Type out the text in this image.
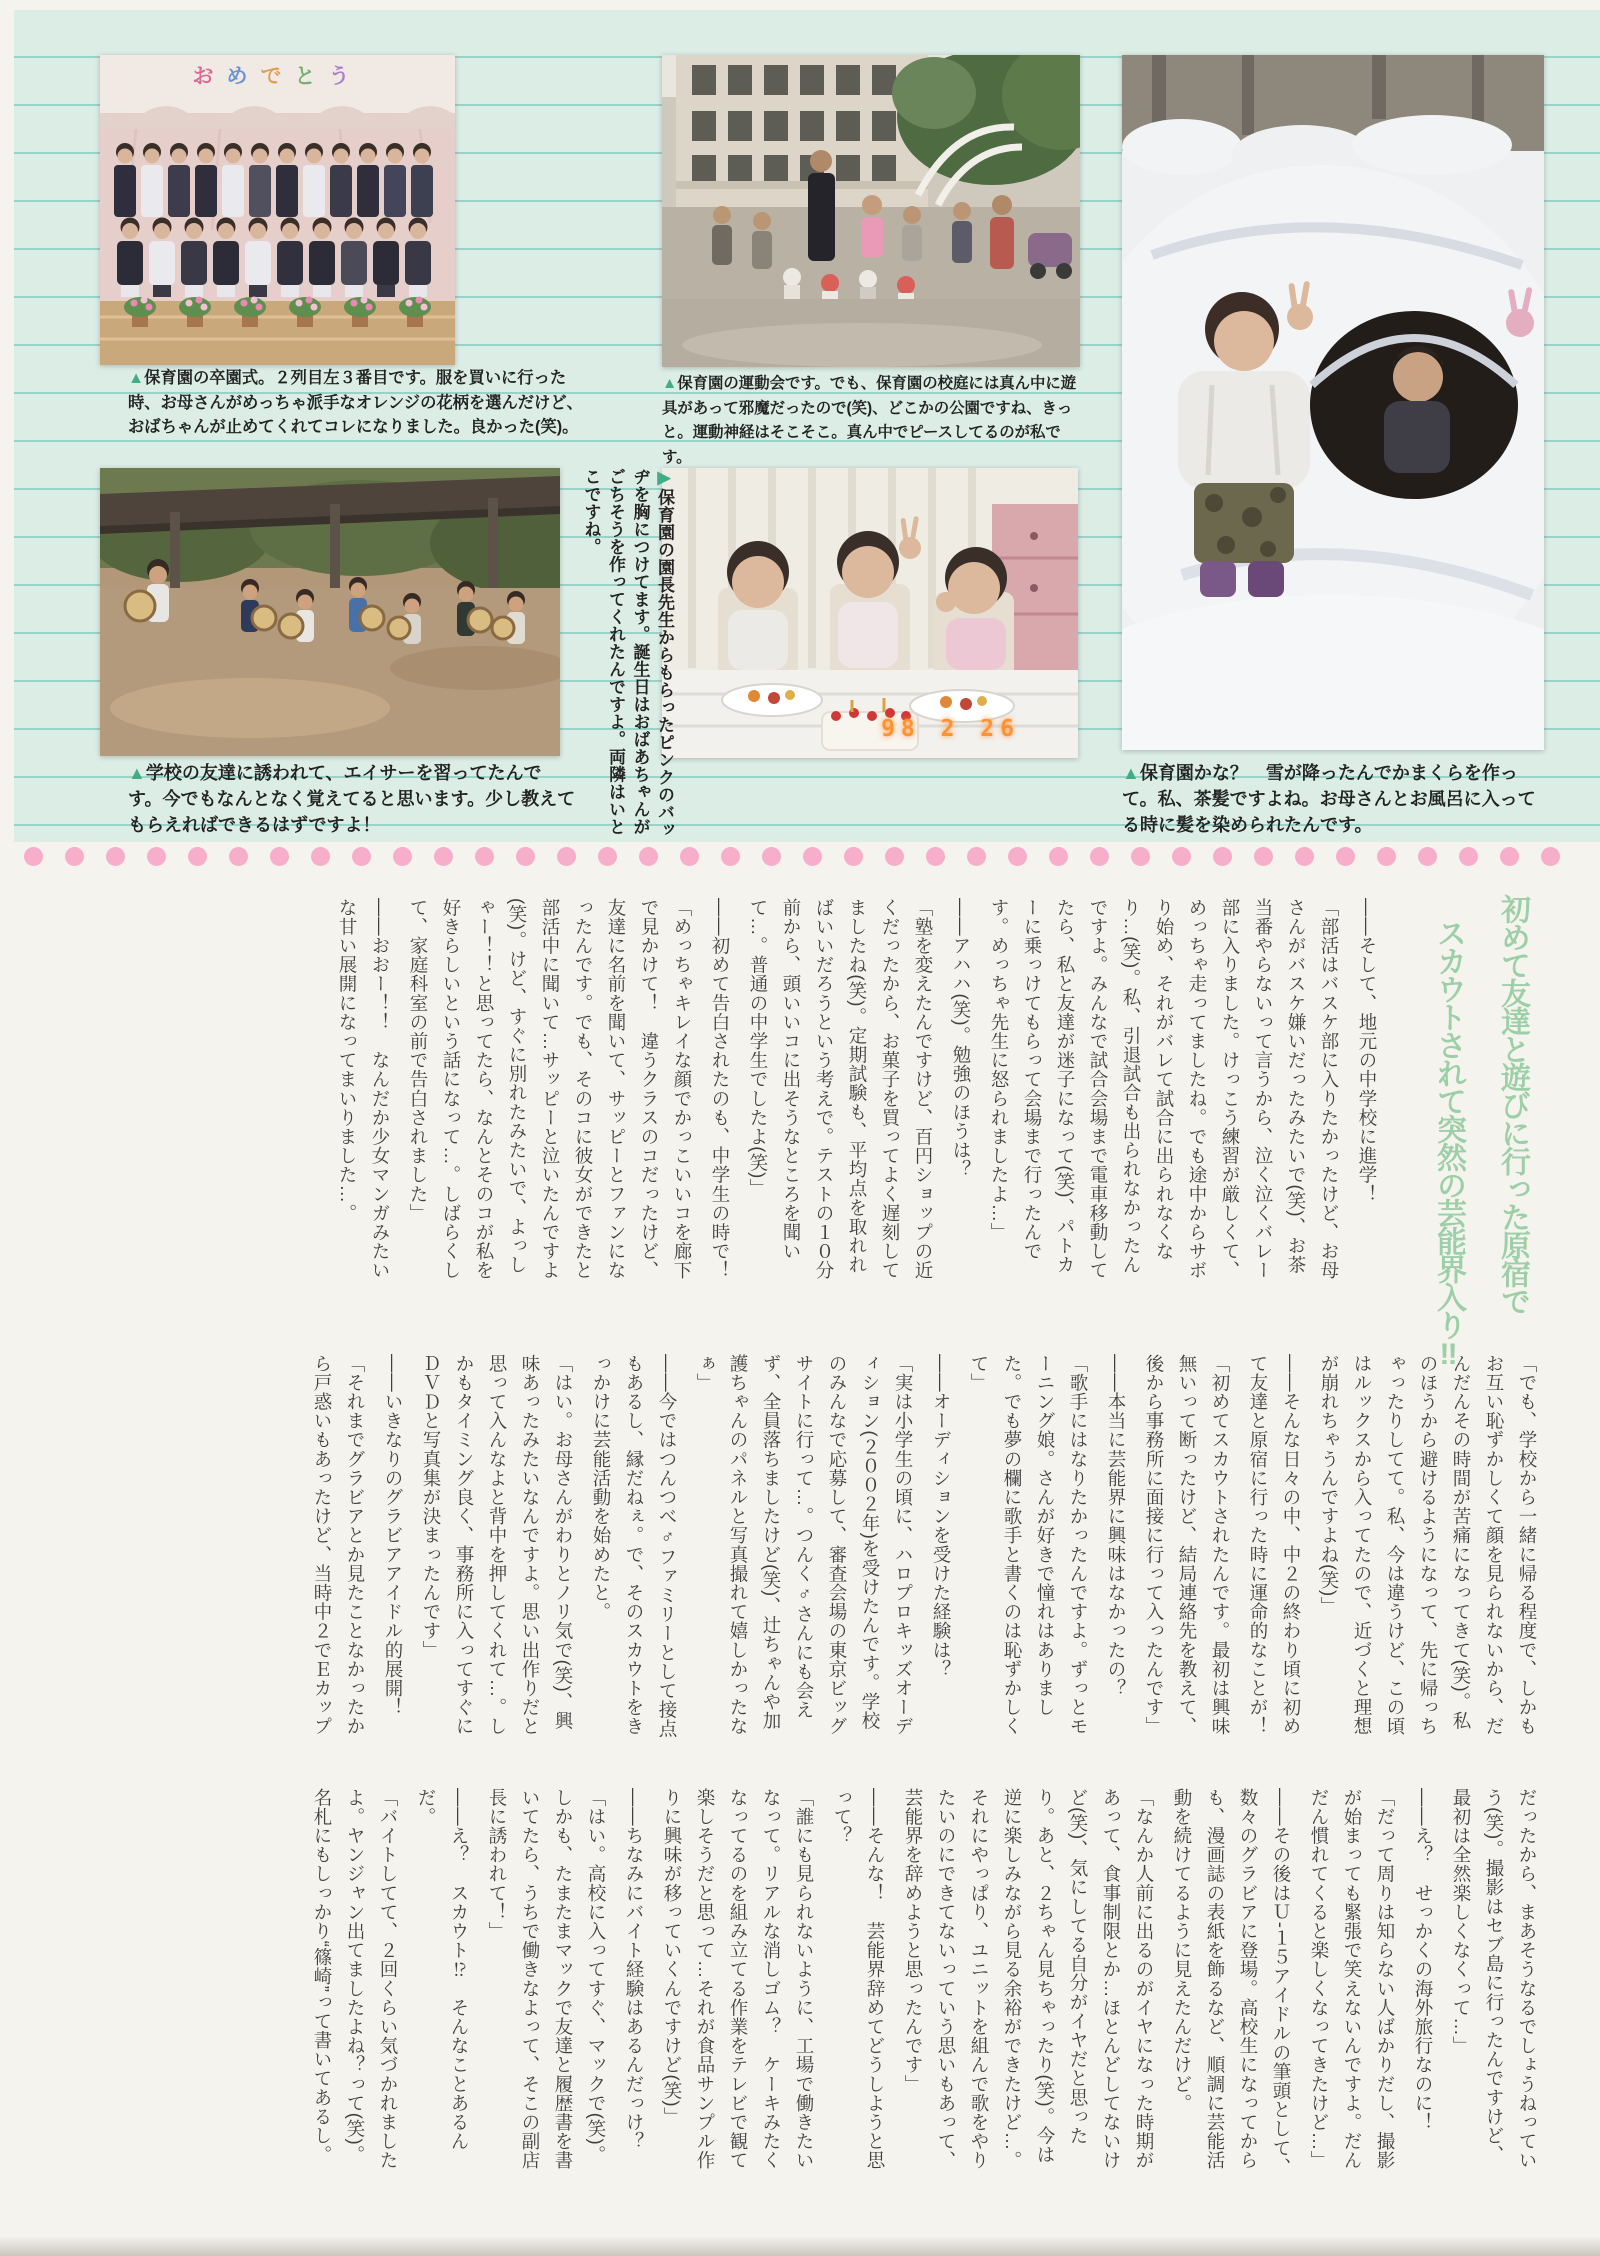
おめでとう
98 2 26
▲保育園の卒園式。２列目左３番目です。服を買いに行った時、お母さんがめっちゃ派手なオレンジの花柄を選んだけど、おばちゃんが止めてくれてコレになりました。良かった(笑)。
▲保育園の運動会です。でも、保育園の校庭には真ん中に遊具があって邪魔だったので(笑)、どこかの公園ですね、きっと。運動神経はそこそこ。真ん中でピースしてるのが私です。
▶保育園の園長先生からもらったピンクのバッヂを胸につけてます。誕生日はおばあちゃんがごちそうを作ってくれたんですよ。両隣はいとこですね。
▲学校の友達に誘われて、エイサーを習ってたんです。今でもなんとなく覚えてると思います。少し教えてもらえればできるはずですよ！
▲保育園かな？　雪が降ったんでかまくらを作って。私、茶髪ですよね。お母さんとお風呂に入ってる時に髪を染められたんです。
初めて友達と遊びに行った原宿で
スカウトされて突然の芸能界入り‼

――そして、地元の中学校に進学！

「部活はバスケ部に入りたかったけど、お母さんがバスケ嫌いだったみたいで(笑)、お茶当番やらないって言うから、泣く泣くバレー部に入りました。けっこう練習が厳しくて、めっちゃ走ってましたね。でも途中からサボり始め、それがバレて試合に出られなくなり…(笑)。私、引退試合も出られなかったんですよ。みんなで試合会場まで電車移動してたら、私と友達が迷子になって(笑)、パトカーに乗っけてもらって会場まで行ったんです。めっちゃ先生に怒られましたよ…」

――アハハ(笑)。勉強のほうは？

「塾を変えたんですけど、百円ショップの近くだったから、お菓子を買ってよく遅刻してましたね(笑)。定期試験も、平均点を取れればいいだろうという考えで。テストの１０分前から、頭いいコに出そうなところを聞いて…。普通の中学生でしたよ(笑)」

――初めて告白されたのも、中学生の時で！

「めっちゃキレイな顔でかっこいいコを廊下で見かけて！　違うクラスのコだったけど、友達に名前を聞いて、サッピーとファンになったんです。でも、そのコに彼女ができたと部活中に聞いて…サッピーと泣いたんですよ(笑)。けど、すぐに別れたみたいで、よっしゃー！！と思ってたら、なんとそのコが私を好きらしいという話になって…。しばらくして、家庭科室の前で告白されました」

――おおー！！　なんだか少女マンガみたいな甘い展開になってまいりました…。

「でも、学校から一緒に帰る程度で、しかもお互い恥ずかしくて顔を見られないから、だんだんその時間が苦痛になってきて(笑)。私のほうから避けるようになって、先に帰っちゃったりしてて。私、今は違うけど、この頃はルックスから入ってたので、近づくと理想が崩れちゃうんですよね(笑)」

――そんな日々の中、中２の終わり頃に初めて友達と原宿に行った時に運命的なことが！

「初めてスカウトされたんです。最初は興味無いって断ったけど、結局連絡先を教えて、後から事務所に面接に行って入ったんです」

――本当に芸能界に興味はなかったの？

「歌手にはなりたかったんですよ。ずっとモーニング娘。さんが好きで憧れはありました。でも夢の欄に歌手と書くのは恥ずかしくて」

――オーディションを受けた経験は？

「実は小学生の頃に、ハロプロキッズオーディション(２００２年)を受けたんです。学校のみんなで応募して、審査会場の東京ビッグサイトに行って…。つんく♂さんにも会えず、全員落ちましたけど(笑)、辻ちゃんや加護ちゃんのパネルと写真撮れて嬉しかったなぁ」

――今ではつんつべ♂ファミリーとして接点もあるし、縁だねぇ。で、そのスカウトをきっかけに芸能活動を始めたと。

「はい。お母さんがわりとノリ気で(笑)、興味あったみたいなんですよ。思い出作りだと思って入んなよと背中を押してくれて…。しかもタイミング良く、事務所に入ってすぐにＤＶＤと写真集が決まったんです」

――いきなりのグラビアアイドル的展開！

「それまでグラビアとか見たことなかったから戸惑いもあったけど、当時中２でＥカップ

だったから、まあそうなるでしょうねっていう(笑)。撮影はセブ島に行ったんですけど、最初は全然楽しくなくって…」

――え？　せっかくの海外旅行なのに！

「だって周りは知らない人ばかりだし、撮影が始まっても緊張で笑えないんですよ。だんだん慣れてくると楽しくなってきたけど…」

――その後はＵ-１５アイドルの筆頭として、数々のグラビアに登場。高校生になってからも、漫画誌の表紙を飾るなど、順調に芸能活動を続けてるように見えたんだけど。

「なんか人前に出るのがイヤになった時期があって、食事制限とか…ほとんどしてないけど(笑)、気にしてる自分がイヤだと思ったり。あと、２ちゃん見ちゃったり(笑)。今は逆に楽しみながら見る余裕ができたけど…。それにやっぱり、ユニットを組んで歌をやりたいのにできてないっていう思いもあって、芸能界を辞めようと思ったんです」

――そんな！　芸能界辞めてどうしようと思って？

「誰にも見られないように、工場で働きたいなって。リアルな消しゴム？　ケーキみたくなってるのを組み立てる作業をテレビで観て楽しそうだと思って…それが食品サンプル作りに興味が移っていくんですけど(笑)」

――ちなみにバイト経験はあるんだっけ？

「はい。高校に入ってすぐ、マックで(笑)。しかも、たまたまマックで友達と履歴書を書いてたら、うちで働きなよって、そこの副店長に誘われて！」

――え？　スカウト⁉　そんなことあるんだ。

「バイトしてて、２回くらい気づかれましたよ。ヤンジャン出てましたよね？って(笑)。名札にもしっかり“篠崎”って書いてあるし。
